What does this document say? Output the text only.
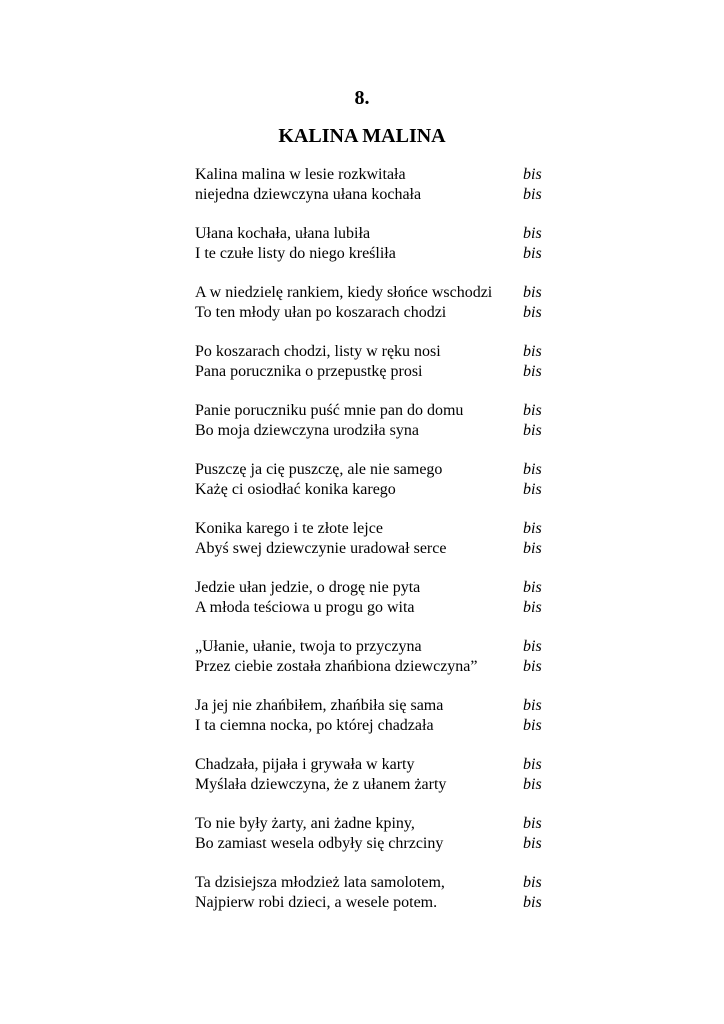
8.
KALINA MALINA
Kalina malina w lesie rozkwitała	bis
niejedna dziewczyna ułana kochała	bis
Ułana kochała, ułana lubiła	bis
I te czułe listy do niego kreśliła	bis
A w niedzielę rankiem, kiedy słońce wschodzi bis
To ten młody ułan po koszarach chodzi	bis
Po koszarach chodzi, listy w ręku nosi	bis
Pana porucznika o przepustkę prosi	bis
Panie poruczniku puść mnie pan do domu	bis
Bo moja dziewczyna urodziła syna	bis
Puszczę ja cię puszczę, ale nie samego	bis
Każę ci osiodłać konika karego	bis
Konika karego i te złote lejce	bis
Abyś swej dziewczynie uradował serce	bis
Jedzie ułan jedzie, o drogę nie pyta	bis
A młoda teściowa u progu go wita	bis
„Ułanie, ułanie, twoja to przyczyna	bis
Przez ciebie została zhańbiona dziewczyna”	bis
Ja jej nie zhańbiłem, zhańbiła się sama	bis
I ta ciemna nocka, po której chadzała	bis
Chadzała, pijała i grywała w karty	bis
Myślała dziewczyna, że z ułanem żarty	bis
To nie były żarty, ani żadne kpiny,	bis
Bo zamiast wesela odbyły się chrzciny	bis
Ta dzisiejsza młodzież lata samolotem,	bis
Najpierw robi dzieci, a wesele potem.	bis
